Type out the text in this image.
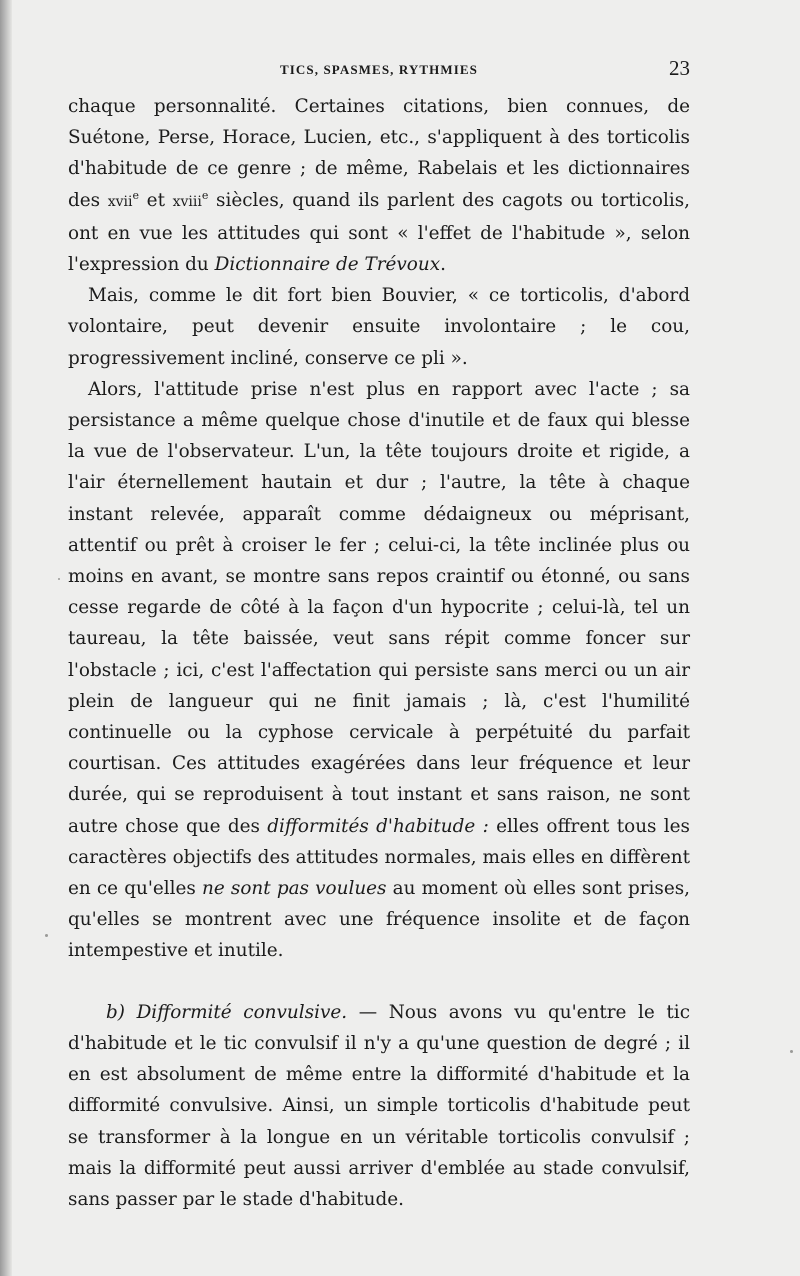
TICS, SPASMES, RYTHMIES	23

chaque personnalité. Certaines citations, bien connues, de Suétone, Perse, Horace, Lucien, etc., s'appliquent à des torticolis d'habitude de ce genre ; de même, Rabelais et les dictionnaires des xvii$^e$ et xviii$^e$ siècles, quand ils parlent des cagots ou torticolis, ont en vue les attitudes qui sont « l'effet de l'habitude », selon l'expression du Dictionnaire de Trévoux.

Mais, comme le dit fort bien Bouvier, « ce torticolis, d'abord volontaire, peut devenir ensuite involontaire ; le cou, progressivement incliné, conserve ce pli ».

Alors, l'attitude prise n'est plus en rapport avec l'acte ; sa persistance a même quelque chose d'inutile et de faux qui blesse la vue de l'observateur. L'un, la tête toujours droite et rigide, a l'air éternellement hautain et dur ; l'autre, la tête à chaque instant relevée, apparaît comme dédaigneux ou méprisant, attentif ou prêt à croiser le fer ; celui-ci, la tête inclinée plus ou moins en avant, se montre sans repos craintif ou étonné, ou sans cesse regarde de côté à la façon d'un hypocrite ; celui-là, tel un taureau, la tête baissée, veut sans répit comme foncer sur l'obstacle ; ici, c'est l'affectation qui persiste sans merci ou un air plein de langueur qui ne finit jamais ; là, c'est l'humilité continuelle ou la cyphose cervicale à perpétuité du parfait courtisan. Ces attitudes exagérées dans leur fréquence et leur durée, qui se reproduisent à tout instant et sans raison, ne sont autre chose que des difformités d'habitude : elles offrent tous les caractères objectifs des attitudes normales, mais elles en diffèrent en ce qu'elles ne sont pas voulues au moment où elles sont prises, qu'elles se montrent avec une fréquence insolite et de façon intempestive et inutile.

b) Difformité convulsive. — Nous avons vu qu'entre le tic d'habitude et le tic convulsif il n'y a qu'une question de degré ; il en est absolument de même entre la difformité d'habitude et la difformité convulsive. Ainsi, un simple torticolis d'habitude peut se transformer à la longue en un véritable torticolis convulsif ; mais la difformité peut aussi arriver d'emblée au stade convulsif, sans passer par le stade d'habitude.
